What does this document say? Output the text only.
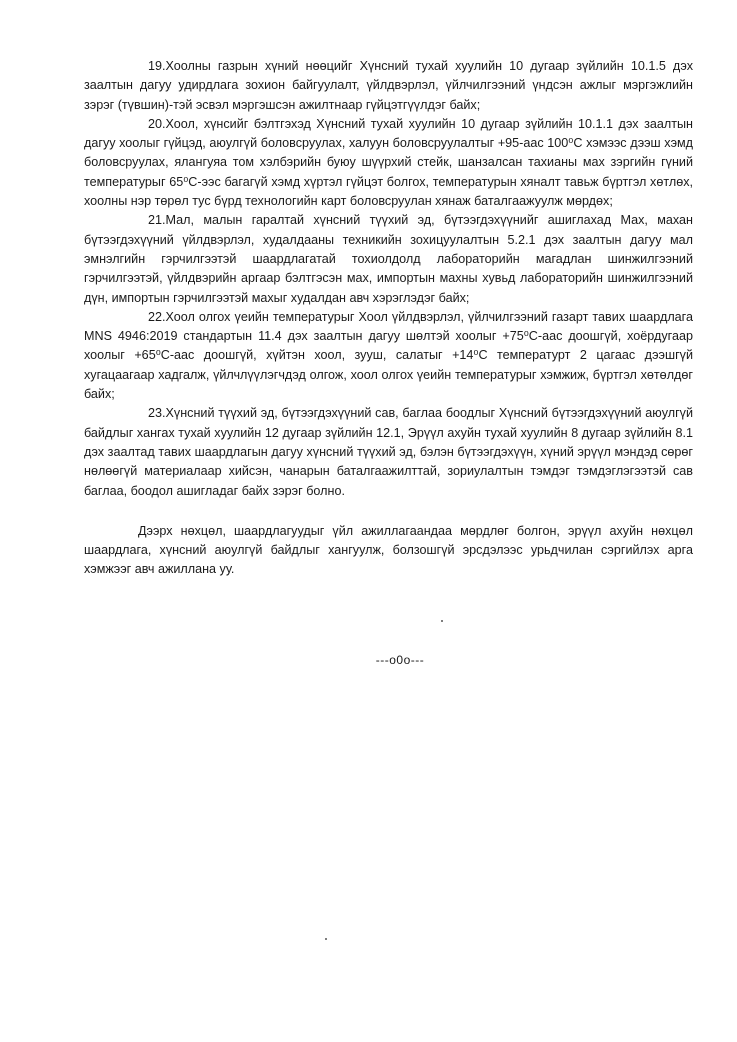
19.Хоолны газрын хүний нөөцийг Хүнсний тухай хуулийн 10 дугаар зүйлийн 10.1.5 дэх заалтын дагуу удирдлага зохион байгуулалт, үйлдвэрлэл, үйлчилгээний үндсэн ажлыг мэргэжлийн зэрэг (түвшин)-тэй эсвэл мэргэшсэн ажилтнаар гүйцэтгүүлдэг байх;

20.Хоол, хүнсийг бэлтгэхэд Хүнсний тухай хуулийн 10 дугаар зүйлийн 10.1.1 дэх заалтын дагуу хоолыг гүйцэд, аюулгүй боловсруулах, халуун боловсруулалтыг +95-аас 100⁰С хэмээс дээш хэмд боловсруулах, ялангуяа том хэлбэрийн буюу шүүрхий стейк, шанзалсан тахианы мах зэргийн гүний температурыг 65⁰С-ээс багагүй хэмд хүртэл гүйцэт болгох, температурын хяналт тавьж бүртгэл хөтлөх, хоолны нэр төрөл тус бүрд технологийн карт боловсруулан хянаж баталгаажуулж мөрдөх;

21.Мал, малын гаралтай хүнсний түүхий эд, бүтээгдэхүүнийг ашиглахад Мах, махан бүтээгдэхүүний үйлдвэрлэл, худалдааны техникийн зохицуулалтын 5.2.1 дэх заалтын дагуу мал эмнэлгийн гэрчилгээтэй шаардлагатай тохиолдолд лабораторийн магадлан шинжилгээний гэрчилгээтэй, үйлдвэрийн аргаар бэлтгэсэн мах, импортын махны хувьд лабораторийн шинжилгээний дүн, импортын гэрчилгээтэй махыг худалдан авч хэрэглэдэг байх;

22.Хоол олгох үеийн температурыг Хоол үйлдвэрлэл, үйлчилгээний газарт тавих шаардлага MNS 4946:2019 стандартын 11.4 дэх заалтын дагуу шөлтэй хоолыг +75⁰С-аас доошгүй, хоёрдугаар хоолыг +65⁰С-аас доошгүй, хүйтэн хоол, зууш, салатыг +14⁰С температурт 2 цагаас дээшгүй хугацаагаар хадгалж, үйлчлүүлэгчдэд олгож, хоол олгох үеийн температурыг хэмжиж, бүртгэл хөтөлдөг байх;

23.Хүнсний түүхий эд, бүтээгдэхүүний сав, баглаа боодлыг Хүнсний бүтээгдэхүүний аюулгүй байдлыг хангах тухай хуулийн 12 дугаар зүйлийн 12.1, Эрүүл ахуйн тухай хуулийн 8 дугаар зүйлийн 8.1 дэх заалтад тавих шаардлагын дагуу хүнсний түүхий эд, бэлэн бүтээгдэхүүн, хүний эрүүл мэндэд сөрөг нөлөөгүй материалаар хийсэн, чанарын баталгаажилттай, зориулалтын тэмдэг тэмдэглэгээтэй сав баглаа, боодол ашигладаг байх зэрэг болно.

Дээрх нөхцөл, шаардлагуудыг үйл ажиллагаандаа мөрдлөг болгон, эрүүл ахуйн нөхцөл шаардлага, хүнсний аюулгүй байдлыг хангуулж, болзошгүй эрсдэлээс урьдчилан сэргийлэх арга хэмжээг авч ажиллана уу.

---o0o---
